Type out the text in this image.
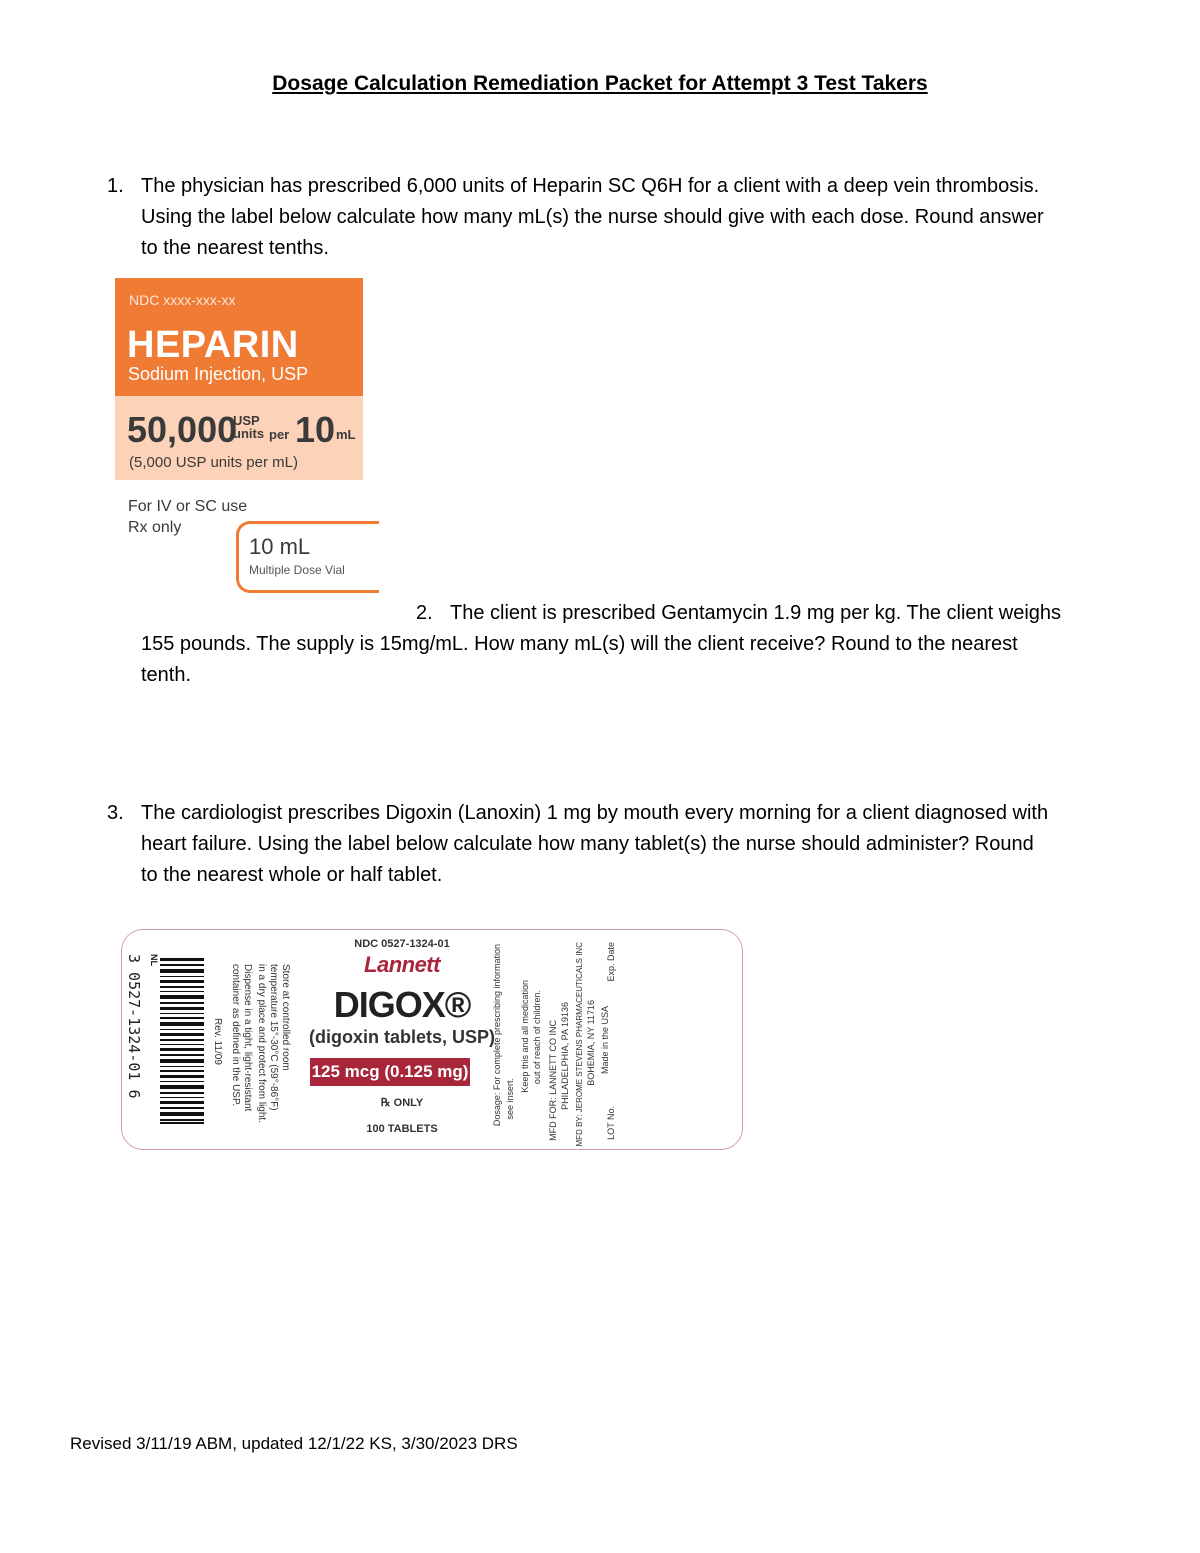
Dosage Calculation Remediation Packet for Attempt 3 Test Takers
1. The physician has prescribed 6,000 units of Heparin SC Q6H for a client with a deep vein thrombosis.
Using the label below calculate how many mL(s) the nurse should give with each dose. Round answer
to the nearest tenths.
NDC xxxx-xxx-xx
HEPARIN
Sodium Injection, USP
50,000
USP
units per 10 mL
(5,000 USP units per mL)
For IV or SC use
Rx only
10 mL
Multiple Dose Vial
2. The client is prescribed Gentamycin 1.9 mg per kg. The client weighs
155 pounds. The supply is 15mg/mL. How many mL(s) will the client receive? Round to the nearest
tenth.
3. The cardiologist prescribes Digoxin (Lanoxin) 1 mg by mouth every morning for a client diagnosed with
heart failure. Using the label below calculate how many tablet(s) the nurse should administer? Round
to the nearest whole or half tablet.
3 0527-1324-01 6 NL
Store at controlled room
temperature 15°-30°C (59°-86°F)
in a dry place and protect from light.
Dispense in a tight, light-resistant
container as defined in the USP.
Rev. 11/09
NDC 0527-1324-01
Lannett
DIGOX®
(digoxin tablets, USP)
125 mcg (0.125 mg)
℞ ONLY
100 TABLETS
Dosage: For complete prescribing information see insert.
Keep this and all medication out of reach of children. MFD FOR: LANNETT CO INC PHILADELPHIA, PA 19136 MFD BY: JEROME STEVENS PHARMACEUTICALS INC BOHEMIA, NY 11716 Made in the USA
LOT No.
Exp. Date
Revised 3/11/19 ABM, updated 12/1/22 KS, 3/30/2023 DRS
